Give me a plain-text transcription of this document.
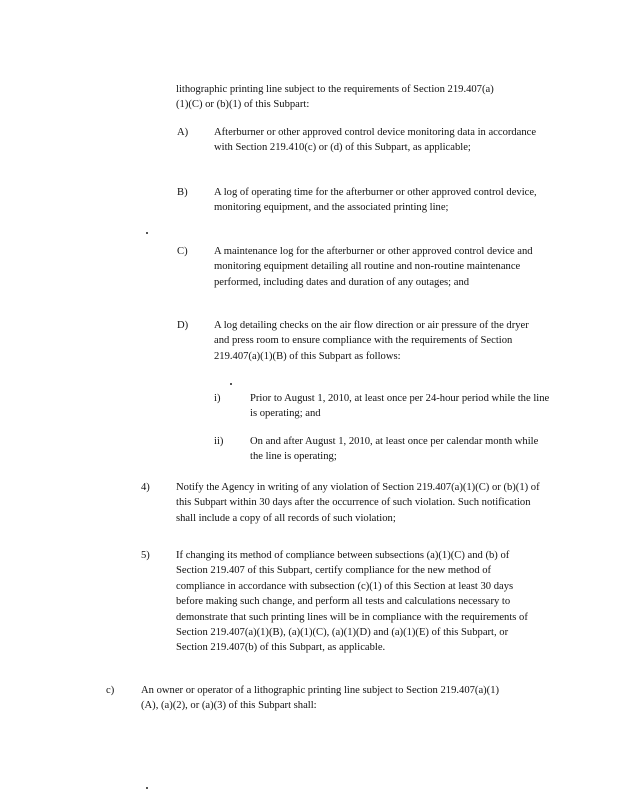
lithographic printing line subject to the requirements of Section 219.407(a)(1)(C) or (b)(1) of this Subpart:

A) Afterburner or other approved control device monitoring data in accordance with Section 219.410(c) or (d) of this Subpart, as applicable;

B) A log of operating time for the afterburner or other approved control device, monitoring equipment, and the associated printing line;

C) A maintenance log for the afterburner or other approved control device and monitoring equipment detailing all routine and non-routine maintenance performed, including dates and duration of any outages; and

D) A log detailing checks on the air flow direction or air pressure of the dryer and press room to ensure compliance with the requirements of Section 219.407(a)(1)(B) of this Subpart as follows:

i)	Prior to August 1, 2010, at least once per 24-hour period while the line is operating; and

ii)	On and after August 1, 2010, at least once per calendar month while the line is operating;

4) Notify the Agency in writing of any violation of Section 219.407(a)(1)(C) or (b)(1) of this Subpart within 30 days after the occurrence of such violation. Such notification shall include a copy of all records of such violation;

5) If changing its method of compliance between subsections (a)(1)(C) and (b) of Section 219.407 of this Subpart, certify compliance for the new method of compliance in accordance with subsection (c)(1) of this Section at least 30 days before making such change, and perform all tests and calculations necessary to demonstrate that such printing lines will be in compliance with the requirements of Section 219.407(a)(1)(B), (a)(1)(C), (a)(1)(D) and (a)(1)(E) of this Subpart, or Section 219.407(b) of this Subpart, as applicable.

c)	An owner or operator of a lithographic printing line subject to Section 219.407(a)(1)(A), (a)(2), or (a)(3) of this Subpart shall:
